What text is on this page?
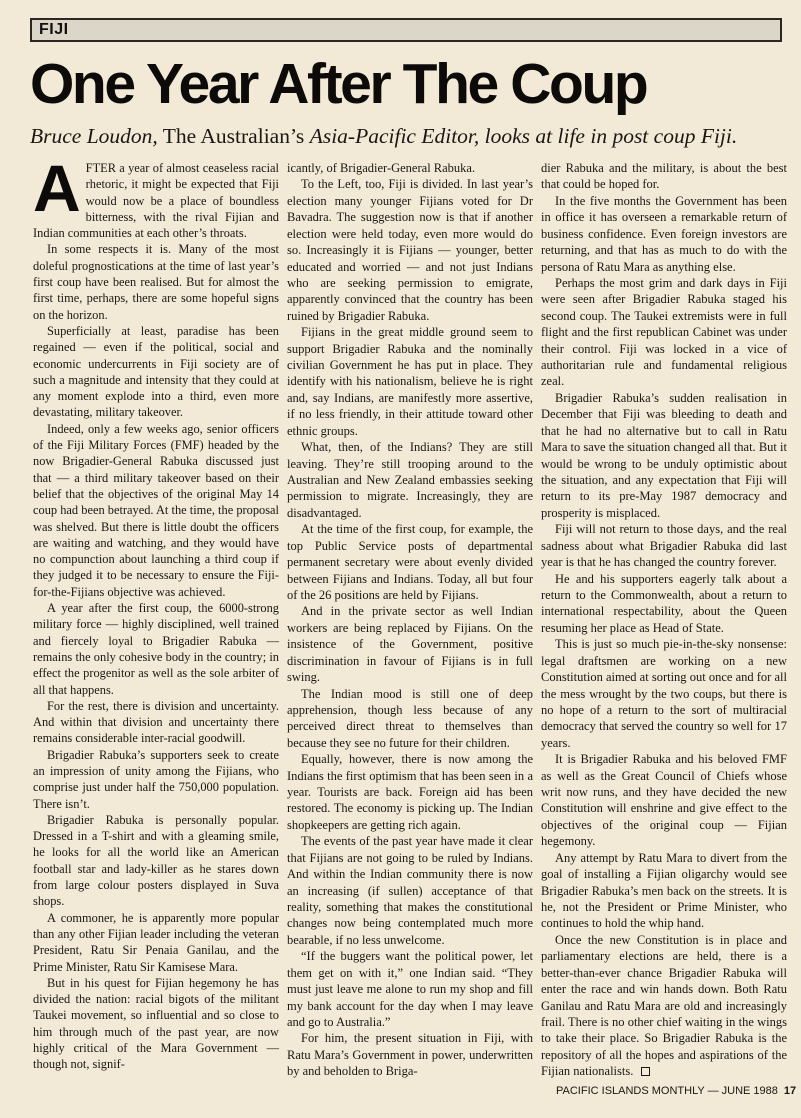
FIJI
One Year After The Coup
Bruce Loudon, The Australian’s Asia-Pacific Editor, looks at life in post coup Fiji.

AFTER a year of almost ceaseless racial rhetoric, it might be expected that Fiji would now be a place of boundless bitterness, with the rival Fijian and Indian communities at each other’s throats.

In some respects it is. Many of the most doleful prognostications at the time of last year’s first coup have been realised. But for almost the first time, perhaps, there are some hopeful signs on the horizon.

Superficially at least, paradise has been regained — even if the political, social and economic undercurrents in Fiji society are of such a magnitude and intensity that they could at any moment explode into a third, even more devastating, military takeover.

Indeed, only a few weeks ago, senior officers of the Fiji Military Forces (FMF) headed by the now Brigadier-General Rabuka discussed just that — a third military takeover based on their belief that the objectives of the original May 14 coup had been betrayed. At the time, the proposal was shelved. But there is little doubt the officers are waiting and watching, and they would have no compunction about launching a third coup if they judged it to be necessary to ensure the Fiji-for-the-Fijians objective was achieved.

A year after the first coup, the 6000-strong military force — highly disciplined, well trained and fiercely loyal to Brigadier Rabuka — remains the only cohesive body in the country; in effect the progenitor as well as the sole arbiter of all that happens.

For the rest, there is division and uncertainty. And within that division and uncertainty there remains considerable inter-racial goodwill.

Brigadier Rabuka’s supporters seek to create an impression of unity among the Fijians, who comprise just under half the 750,000 population. There isn’t.

Brigadier Rabuka is personally popular. Dressed in a T-shirt and with a gleaming smile, he looks for all the world like an American football star and lady-killer as he stares down from large colour posters displayed in Suva shops.

A commoner, he is apparently more popular than any other Fijian leader including the veteran President, Ratu Sir Penaia Ganilau, and the Prime Minister, Ratu Sir Kamisese Mara.

But in his quest for Fijian hegemony he has divided the nation: racial bigots of the militant Taukei movement, so influential and so close to him through much of the past year, are now highly critical of the Mara Government — though not, signif-

icantly, of Brigadier-General Rabuka.

To the Left, too, Fiji is divided. In last year’s election many younger Fijians voted for Dr Bavadra. The suggestion now is that if another election were held today, even more would do so. Increasingly it is Fijians — younger, better educated and worried — and not just Indians who are seeking permission to emigrate, apparently convinced that the country has been ruined by Brigadier Rabuka.

Fijians in the great middle ground seem to support Brigadier Rabuka and the nominally civilian Government he has put in place. They identify with his nationalism, believe he is right and, say Indians, are manifestly more assertive, if no less friendly, in their attitude toward other ethnic groups.

What, then, of the Indians? They are still leaving. They’re still trooping around to the Australian and New Zealand embassies seeking permission to migrate. Increasingly, they are disadvantaged.

At the time of the first coup, for example, the top Public Service posts of departmental permanent secretary were about evenly divided between Fijians and Indians. Today, all but four of the 26 positions are held by Fijians.

And in the private sector as well Indian workers are being replaced by Fijians. On the insistence of the Government, positive discrimination in favour of Fijians is in full swing.

The Indian mood is still one of deep apprehension, though less because of any perceived direct threat to themselves than because they see no future for their children.

Equally, however, there is now among the Indians the first optimism that has been seen in a year. Tourists are back. Foreign aid has been restored. The economy is picking up. The Indian shopkeepers are getting rich again.

The events of the past year have made it clear that Fijians are not going to be ruled by Indians. And within the Indian community there is now an increasing (if sullen) acceptance of that reality, something that makes the constitutional changes now being contemplated much more bearable, if no less unwelcome.

“If the buggers want the political power, let them get on with it,” one Indian said. “They must just leave me alone to run my shop and fill my bank account for the day when I may leave and go to Australia.”

For him, the present situation in Fiji, with Ratu Mara’s Government in power, underwritten by and beholden to Briga-

dier Rabuka and the military, is about the best that could be hoped for.

In the five months the Government has been in office it has overseen a remarkable return of business confidence. Even foreign investors are returning, and that has as much to do with the persona of Ratu Mara as anything else.

Perhaps the most grim and dark days in Fiji were seen after Brigadier Rabuka staged his second coup. The Taukei extremists were in full flight and the first republican Cabinet was under their control. Fiji was locked in a vice of authoritarian rule and fundamental religious zeal.

Brigadier Rabuka’s sudden realisation in December that Fiji was bleeding to death and that he had no alternative but to call in Ratu Mara to save the situation changed all that. But it would be wrong to be unduly optimistic about the situation, and any expectation that Fiji will return to its pre-May 1987 democracy and prosperity is misplaced.

Fiji will not return to those days, and the real sadness about what Brigadier Rabuka did last year is that he has changed the country forever.

He and his supporters eagerly talk about a return to the Commonwealth, about a return to international respectability, about the Queen resuming her place as Head of State.

This is just so much pie-in-the-sky nonsense: legal draftsmen are working on a new Constitution aimed at sorting out once and for all the mess wrought by the two coups, but there is no hope of a return to the sort of multiracial democracy that served the country so well for 17 years.

It is Brigadier Rabuka and his beloved FMF as well as the Great Council of Chiefs whose writ now runs, and they have decided the new Constitution will enshrine and give effect to the objectives of the original coup — Fijian hegemony.

Any attempt by Ratu Mara to divert from the goal of installing a Fijian oligarchy would see Brigadier Rabuka’s men back on the streets. It is he, not the President or Prime Minister, who continues to hold the whip hand.

Once the new Constitution is in place and parliamentary elections are held, there is a better-than-ever chance Brigadier Rabuka will enter the race and win hands down. Both Ratu Ganilau and Ratu Mara are old and increasingly frail. There is no other chief waiting in the wings to take their place. So Brigadier Rabuka is the repository of all the hopes and aspirations of the Fijian nationalists.

PACIFIC ISLANDS MONTHLY — JUNE 1988 17
